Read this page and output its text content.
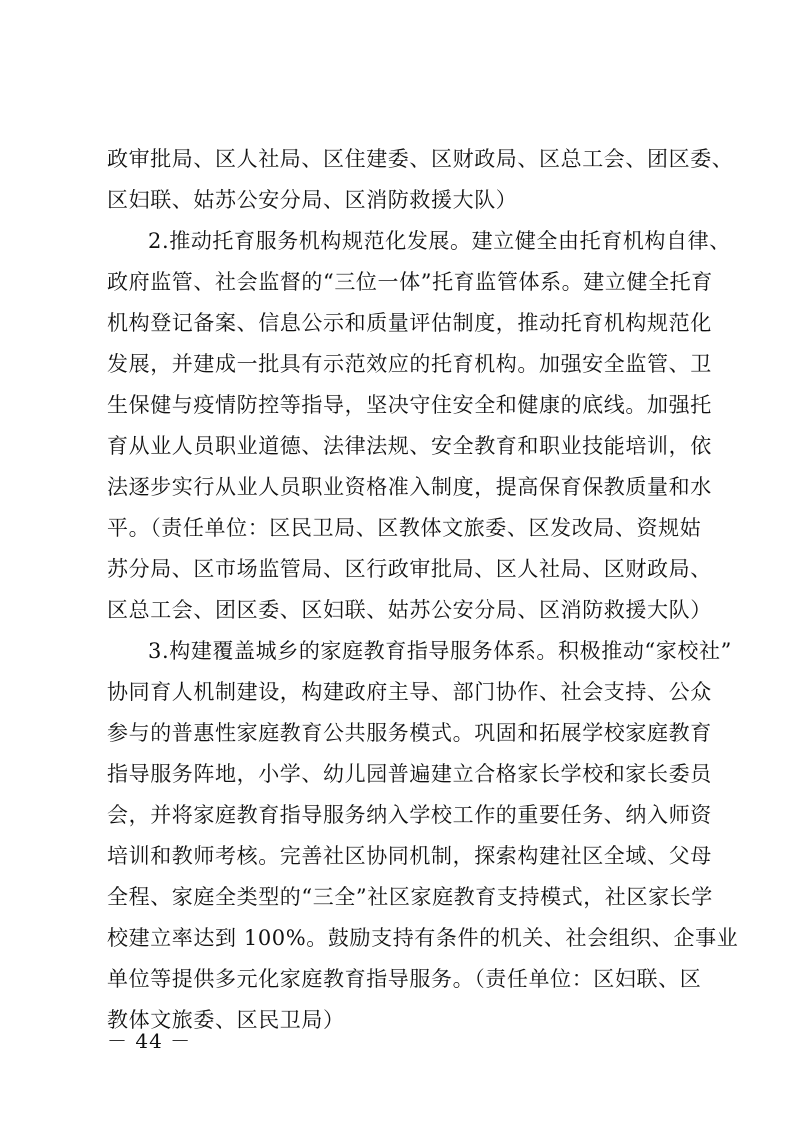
政审批局、区人社局、区住建委、区财政局、区总工会、团区委、
区妇联、姑苏公安分局、区消防救援大队）
2.推动托育服务机构规范化发展。建立健全由托育机构自律、
政府监管、社会监督的“三位一体”托育监管体系。建立健全托育
机构登记备案、信息公示和质量评估制度，推动托育机构规范化
发展，并建成一批具有示范效应的托育机构。加强安全监管、卫
生保健与疫情防控等指导，坚决守住安全和健康的底线。加强托
育从业人员职业道德、法律法规、安全教育和职业技能培训，依
法逐步实行从业人员职业资格准入制度，提高保育保教质量和水
平。（责任单位：区民卫局、区教体文旅委、区发改局、资规姑
苏分局、区市场监管局、区行政审批局、区人社局、区财政局、
区总工会、团区委、区妇联、姑苏公安分局、区消防救援大队）
3.构建覆盖城乡的家庭教育指导服务体系。积极推动“家校社”
协同育人机制建设，构建政府主导、部门协作、社会支持、公众
参与的普惠性家庭教育公共服务模式。巩固和拓展学校家庭教育
指导服务阵地，小学、幼儿园普遍建立合格家长学校和家长委员
会，并将家庭教育指导服务纳入学校工作的重要任务、纳入师资
培训和教师考核。完善社区协同机制，探索构建社区全域、父母
全程、家庭全类型的“三全”社区家庭教育支持模式，社区家长学
校建立率达到 100%。鼓励支持有条件的机关、社会组织、企事业
单位等提供多元化家庭教育指导服务。（责任单位：区妇联、区
教体文旅委、区民卫局）
－ 44 －
